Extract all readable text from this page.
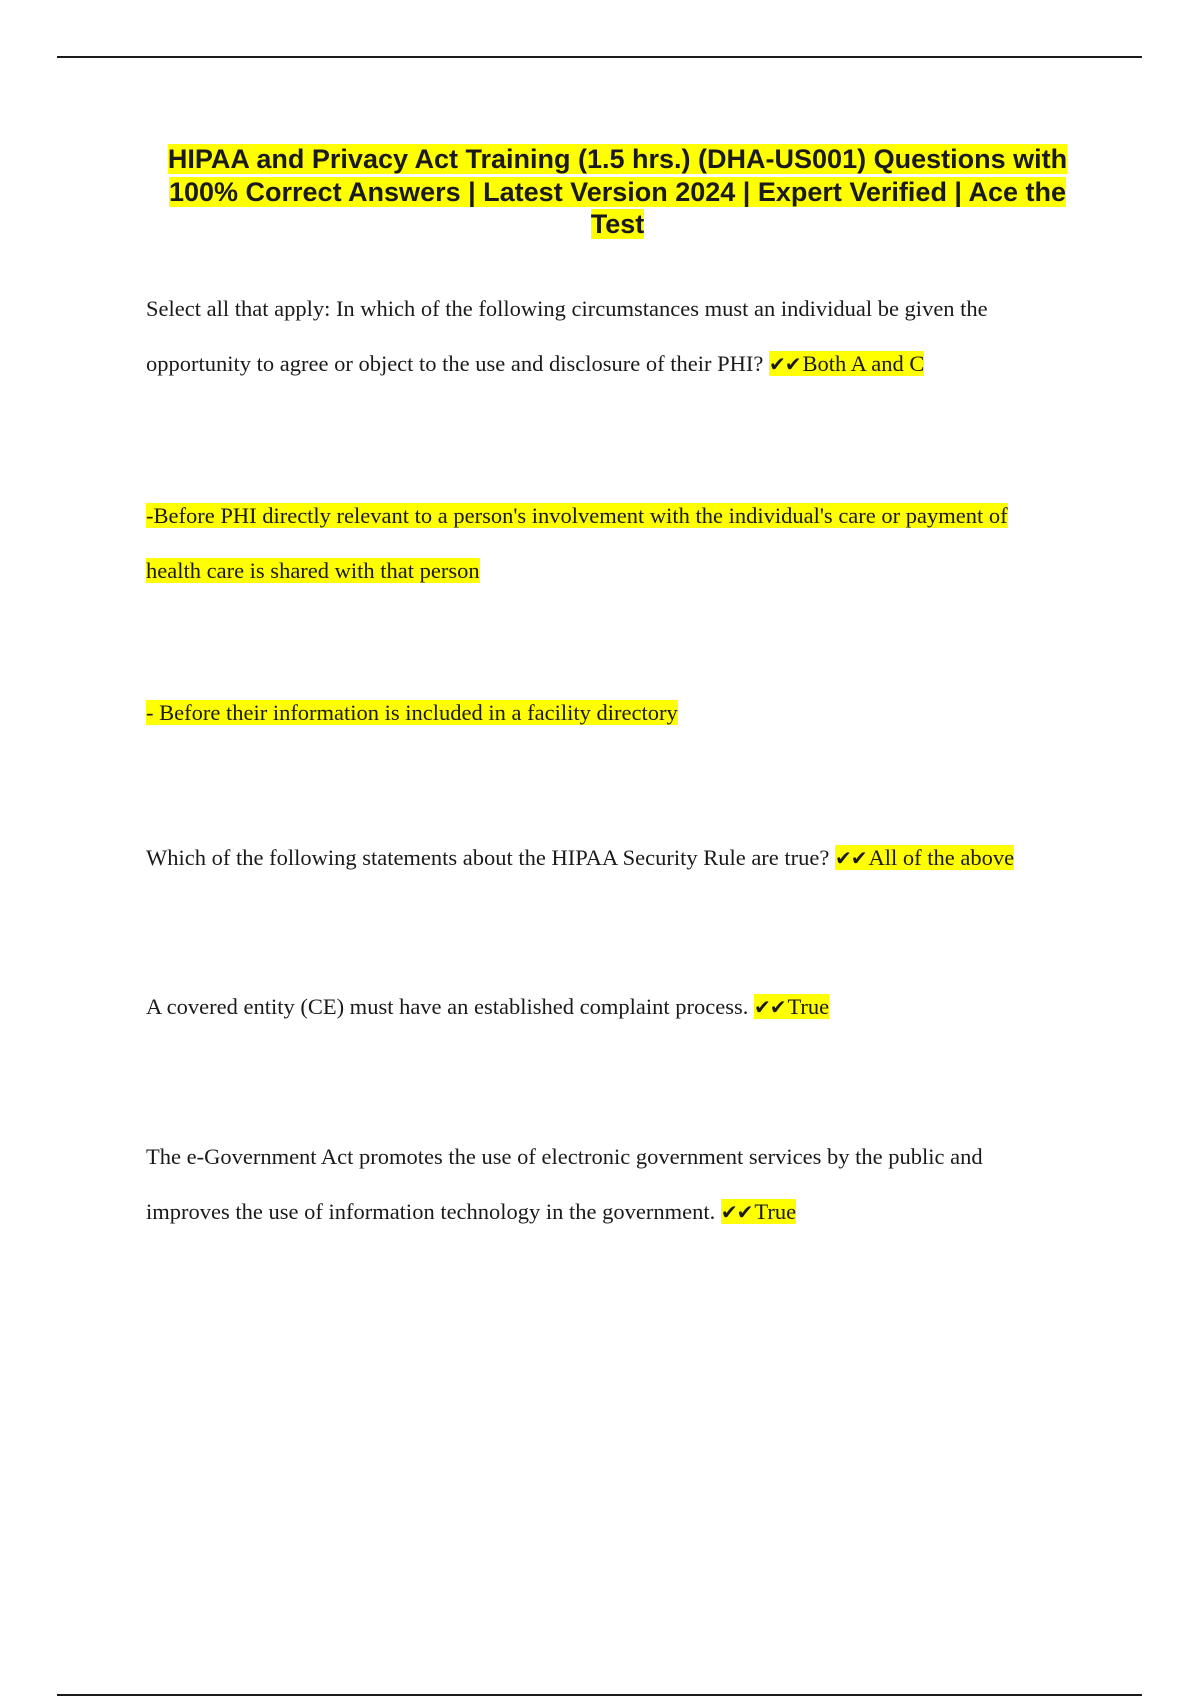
HIPAA and Privacy Act Training (1.5 hrs.) (DHA-US001) Questions with 100% Correct Answers | Latest Version 2024 | Expert Verified | Ace the Test
Select all that apply: In which of the following circumstances must an individual be given the opportunity to agree or object to the use and disclosure of their PHI? ✔✔Both A and C
-Before PHI directly relevant to a person's involvement with the individual's care or payment of health care is shared with that person
- Before their information is included in a facility directory
Which of the following statements about the HIPAA Security Rule are true? ✔✔All of the above
A covered entity (CE) must have an established complaint process. ✔✔True
The e-Government Act promotes the use of electronic government services by the public and improves the use of information technology in the government. ✔✔True
